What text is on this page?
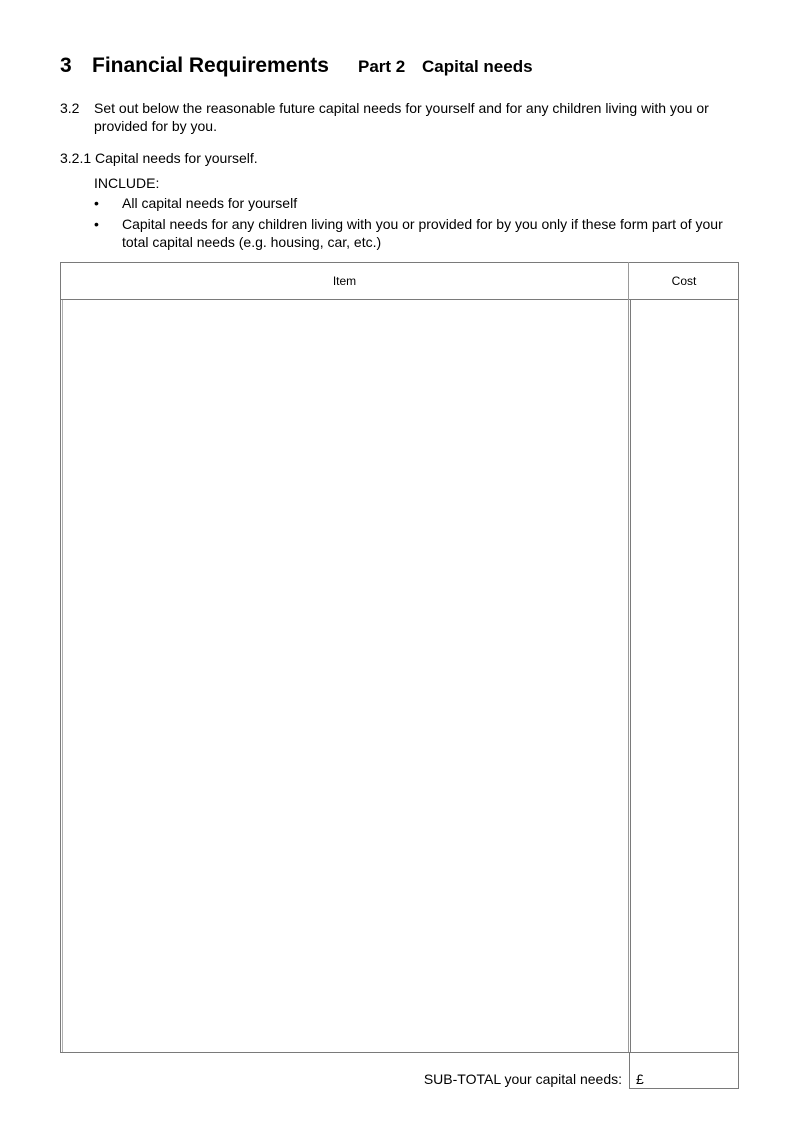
3 Financial Requirements Part 2 Capital needs
3.2 Set out below the reasonable future capital needs for yourself and for any children living with you or provided for by you.
3.2.1 Capital needs for yourself.
INCLUDE:
• All capital needs for yourself
• Capital needs for any children living with you or provided for by you only if these form part of your total capital needs (e.g. housing, car, etc.)
Item	Cost
SUB-TOTAL your capital needs: £
